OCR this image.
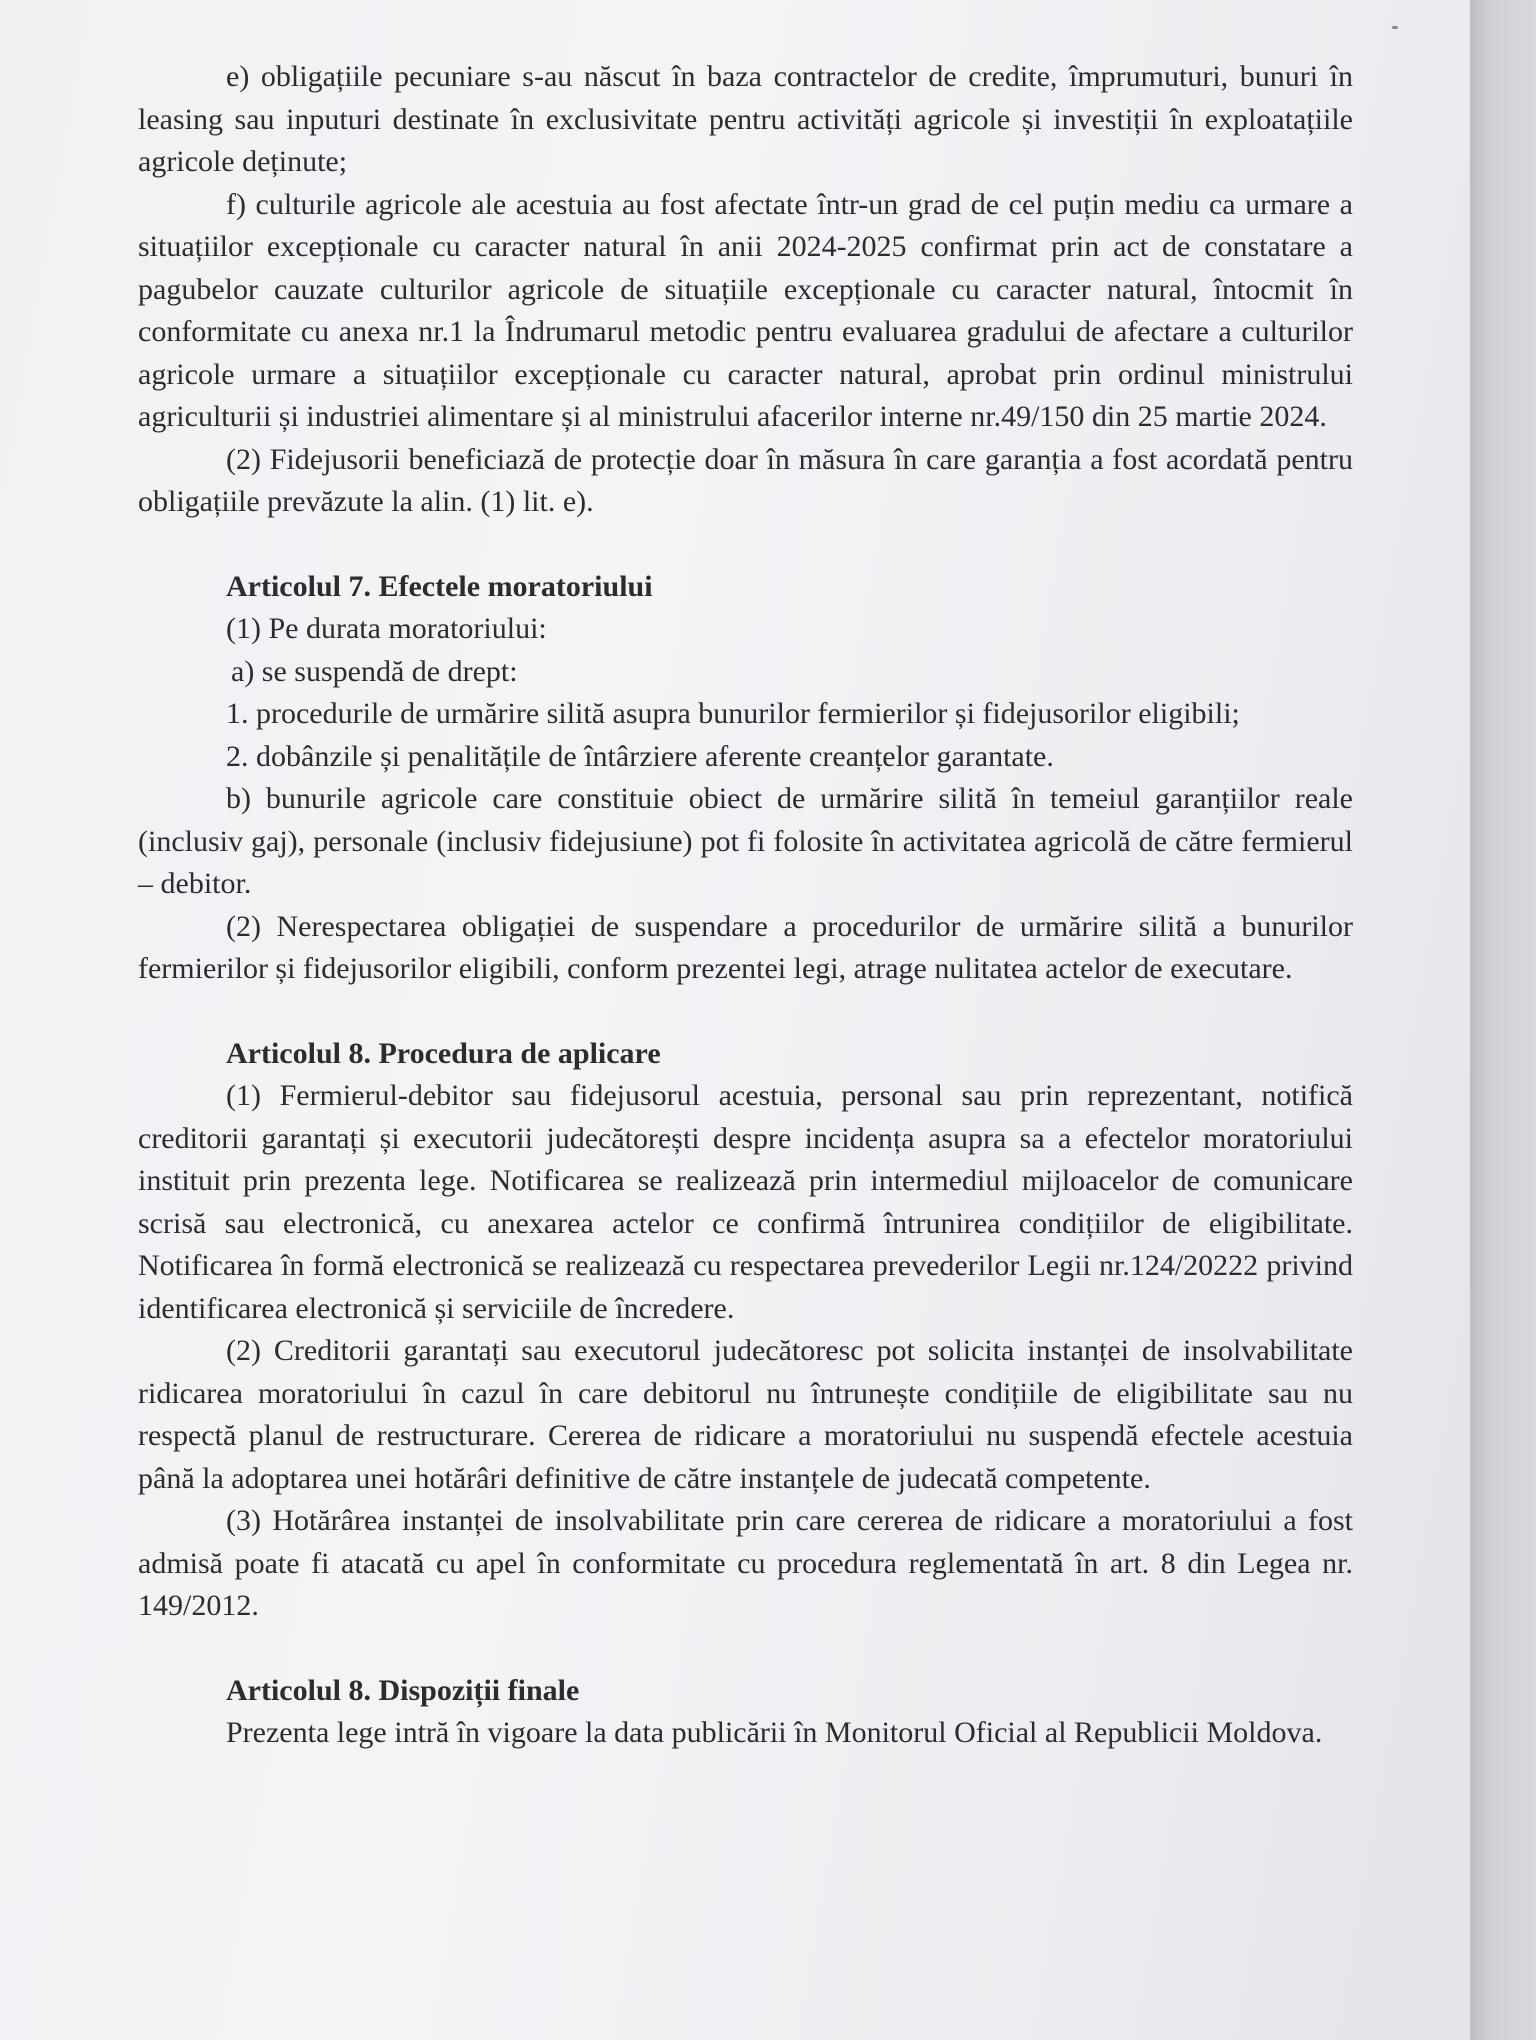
e) obligațiile pecuniare s-au născut în baza contractelor de credite, împrumuturi, bunuri în leasing sau inputuri destinate în exclusivitate pentru activități agricole și investiții în exploatațiile agricole deținute;

f) culturile agricole ale acestuia au fost afectate într-un grad de cel puțin mediu ca urmare a situațiilor excepționale cu caracter natural în anii 2024-2025 confirmat prin act de constatare a pagubelor cauzate culturilor agricole de situațiile excepționale cu caracter natural, întocmit în conformitate cu anexa nr.1 la Îndrumarul metodic pentru evaluarea gradului de afectare a culturilor agricole urmare a situațiilor excepționale cu caracter natural, aprobat prin ordinul ministrului agriculturii și industriei alimentare și al ministrului afacerilor interne nr.49/150 din 25 martie 2024.

(2) Fidejusorii beneficiază de protecție doar în măsura în care garanția a fost acordată pentru obligațiile prevăzute la alin. (1) lit. e).

Articolul 7. Efectele moratoriului

(1) Pe durata moratoriului:

a) se suspendă de drept:

1. procedurile de urmărire silită asupra bunurilor fermierilor și fidejusorilor eligibili;

2. dobânzile și penalitățile de întârziere aferente creanțelor garantate.

b) bunurile agricole care constituie obiect de urmărire silită în temeiul garanțiilor reale (inclusiv gaj), personale (inclusiv fidejusiune) pot fi folosite în activitatea agricolă de către fermierul – debitor.

(2) Nerespectarea obligației de suspendare a procedurilor de urmărire silită a bunurilor fermierilor și fidejusorilor eligibili, conform prezentei legi, atrage nulitatea actelor de executare.

Articolul 8. Procedura de aplicare

(1) Fermierul-debitor sau fidejusorul acestuia, personal sau prin reprezentant, notifică creditorii garantați și executorii judecătorești despre incidența asupra sa a efectelor moratoriului instituit prin prezenta lege. Notificarea se realizează prin intermediul mijloacelor de comunicare scrisă sau electronică, cu anexarea actelor ce confirmă întrunirea condițiilor de eligibilitate. Notificarea în formă electronică se realizează cu respectarea prevederilor Legii nr.124/20222 privind identificarea electronică și serviciile de încredere.

(2) Creditorii garantați sau executorul judecătoresc pot solicita instanței de insolvabilitate ridicarea moratoriului în cazul în care debitorul nu întrunește condițiile de eligibilitate sau nu respectă planul de restructurare. Cererea de ridicare a moratoriului nu suspendă efectele acestuia până la adoptarea unei hotărâri definitive de către instanțele de judecată competente.

(3) Hotărârea instanței de insolvabilitate prin care cererea de ridicare a moratoriului a fost admisă poate fi atacată cu apel în conformitate cu procedura reglementată în art. 8 din Legea nr. 149/2012.

Articolul 8. Dispoziții finale

Prezenta lege intră în vigoare la data publicării în Monitorul Oficial al Republicii Moldova.
